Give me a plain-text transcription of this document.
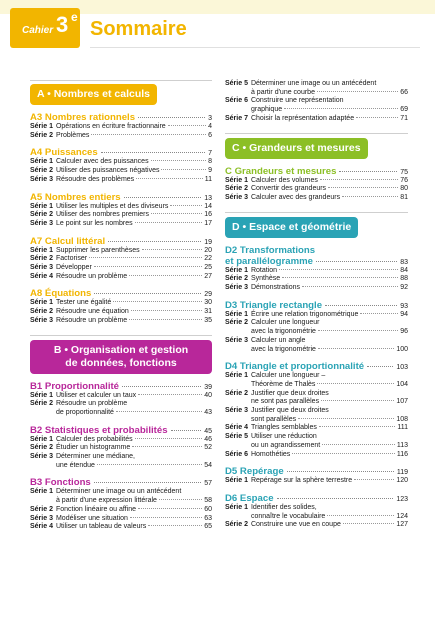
Cahier 3 e
Sommaire
A • Nombres et calculs
A3 Nombres rationnels	3
Série 1 Opérations en écriture fractionnaire	4
Série 2 Problèmes	6
A4 Puissances	7
Série 1 Calculer avec des puissances	8
Série 2 Utiliser des puissances négatives	9
Série 3 Résoudre des problèmes	11
A5 Nombres entiers	13
Série 1 Utiliser les multiples et des diviseurs	14
Série 2 Utiliser des nombres premiers	16
Série 3 Le point sur les nombres	17
A7 Calcul littéral	19
Série 1 Supprimer les parenthèses	20
Série 2 Factoriser	22
Série 3 Développer	25
Série 4 Résoudre un problème	27
A8 Équations	29
Série 1 Tester une égalité	30
Série 2 Résoudre une équation	31
Série 3 Résoudre un problème	35
B • Organisation et gestion
de données, fonctions
B1 Proportionnalité	39
Série 1 Utiliser et calculer un taux	40
Série 2 Résoudre un problème
de proportionnalité	43
B2 Statistiques et probabilités	45
Série 1 Calculer des probabilités	46
Série 2 Étudier un histogramme	52
Série 3 Déterminer une médiane,
une étendue	54
B3 Fonctions	57
Série 1 Déterminer une image ou un antécédent
à partir d'une expression littérale	58
Série 2 Fonction linéaire ou affine	60
Série 3 Modéliser une situation	63
Série 4 Utiliser un tableau de valeurs	65
Série 5 Déterminer une image ou un antécédent
à partir d'une courbe	66
Série 6 Construire une représentation
graphique	69
Série 7 Choisir la représentation adaptée	71
C • Grandeurs et mesures
C Grandeurs et mesures	75
Série 1 Calculer des volumes	76
Série 2 Convertir des grandeurs	80
Série 3 Calculer avec des grandeurs	81
D • Espace et géométrie
D2 Transformations
et parallélogramme	83
Série 1 Rotation	84
Série 2 Synthèse	88
Série 3 Démonstrations	92
D3 Triangle rectangle	93
Série 1 Écrire une relation trigonométrique	94
Série 2 Calculer une longueur
avec la trigonométrie	96
Série 3 Calculer un angle
avec la trigonométrie	100
D4 Triangle et proportionnalité	103
Série 1 Calculer une longueur –
Théorème de Thalès	104
Série 2 Justifier que deux droites
ne sont pas parallèles	107
Série 3 Justifier que deux droites
sont parallèles	108
Série 4 Triangles semblables	111
Série 5 Utiliser une réduction
ou un agrandissement	113
Série 6 Homothéties	116
D5 Repérage	119
Série 1 Repérage sur la sphère terrestre	120
D6 Espace	123
Série 1 Identifier des solides,
connaître le vocabulaire	124
Série 2 Construire une vue en coupe	127
